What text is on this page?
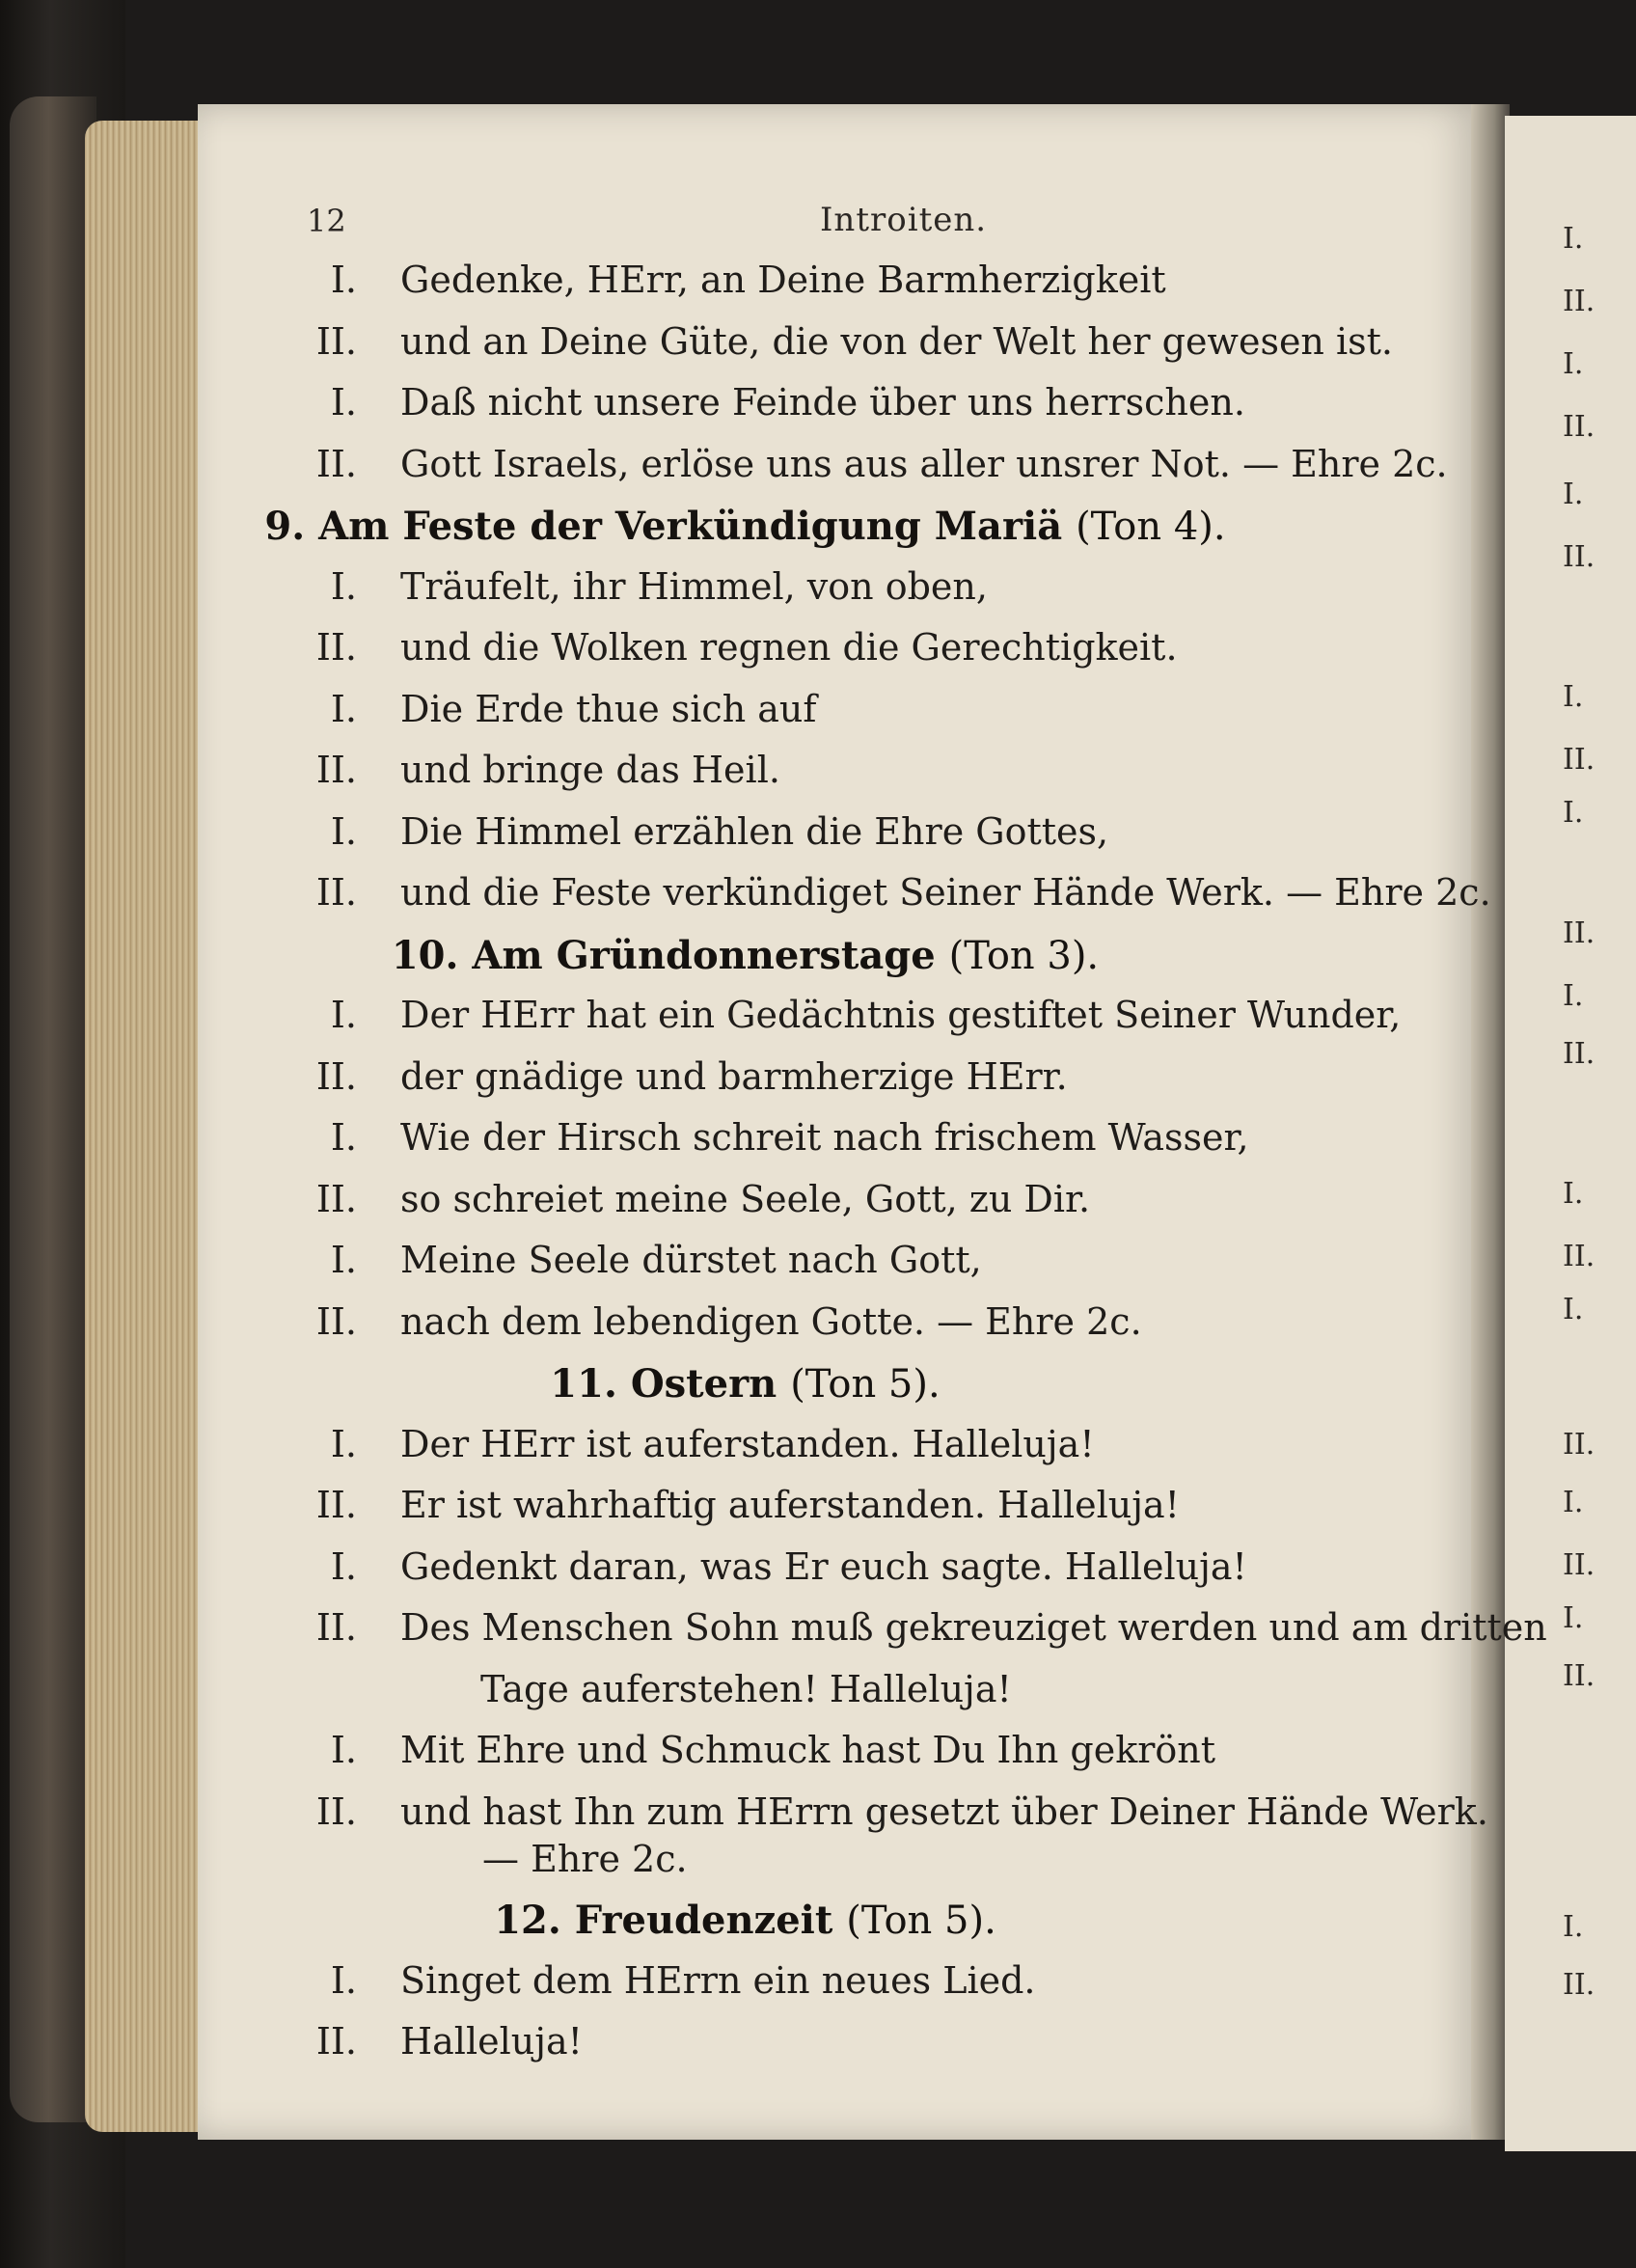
I.
II.
I.
II.
I.
II.
I.
II.
I.
II.
I.
II.
I.
II.
I.
II.
I.
II.
I.
II.
I.
II.
12	Introiten.
I. Gedenke, HErr, an Deine Barmherzigkeit
II. und an Deine Güte, die von der Welt her gewesen ist.
I. Daß nicht unsere Feinde über uns herrschen.
II. Gott Israels, erlöse uns aus aller unsrer Not. — Ehre 2c.
9. Am Feste der Verkündigung Mariä (Ton 4).
I. Träufelt, ihr Himmel, von oben,
II. und die Wolken regnen die Gerechtigkeit.
I. Die Erde thue sich auf
II. und bringe das Heil.
I. Die Himmel erzählen die Ehre Gottes,
II. und die Feste verkündiget Seiner Hände Werk. — Ehre 2c.
10. Am Gründonnerstage (Ton 3).
I. Der HErr hat ein Gedächtnis gestiftet Seiner Wunder,
II. der gnädige und barmherzige HErr.
I. Wie der Hirsch schreit nach frischem Wasser,
II. so schreiet meine Seele, Gott, zu Dir.
I. Meine Seele dürstet nach Gott,
II. nach dem lebendigen Gotte. — Ehre 2c.
11. Ostern (Ton 5).
I. Der HErr ist auferstanden. Halleluja!
II. Er ist wahrhaftig auferstanden. Halleluja!
I. Gedenkt daran, was Er euch sagte. Halleluja!
II. Des Menschen Sohn muß gekreuziget werden und am dritten
Tage auferstehen! Halleluja!
I. Mit Ehre und Schmuck hast Du Ihn gekrönt
II. und hast Ihn zum HErrn gesetzt über Deiner Hände Werk.
— Ehre 2c.
12. Freudenzeit (Ton 5).
I. Singet dem HErrn ein neues Lied.
II. Halleluja!
